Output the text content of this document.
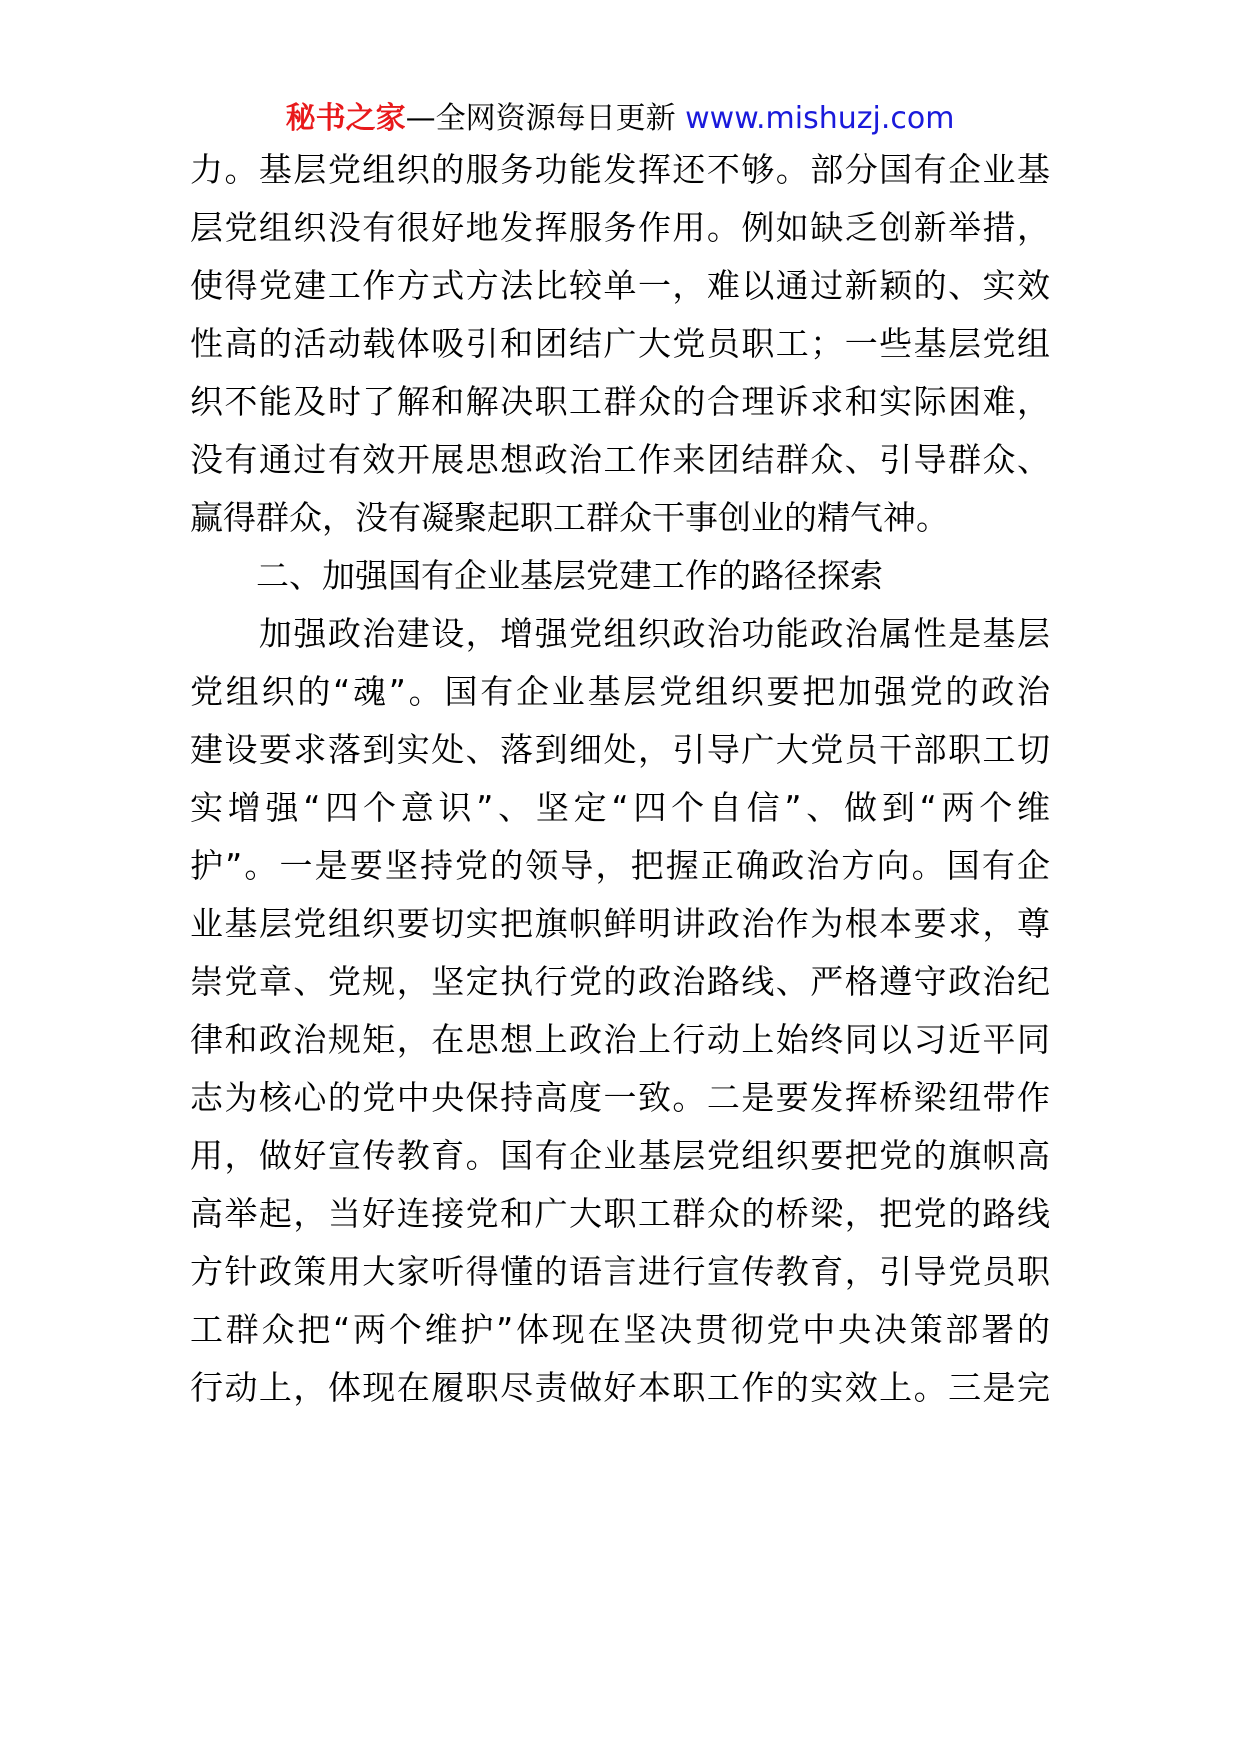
秘书之家—全网资源每日更新 www.mishuzj.com
力。基层党组织的服务功能发挥还不够。部分国有企业基
层党组织没有很好地发挥服务作用。例如缺乏创新举措，
使得党建工作方式方法比较单一，难以通过新颖的、实效
性高的活动载体吸引和团结广大党员职工；一些基层党组
织不能及时了解和解决职工群众的合理诉求和实际困难，
没有通过有效开展思想政治工作来团结群众、引导群众、
赢得群众，没有凝聚起职工群众干事创业的精气神。
　　二、加强国有企业基层党建工作的路径探索
　　加强政治建设，增强党组织政治功能政治属性是基层
党组织的“魂”。国有企业基层党组织要把加强党的政治
建设要求落到实处、落到细处，引导广大党员干部职工切
实增强“四个意识”、坚定“四个自信”、做到“两个维
护”。一是要坚持党的领导，把握正确政治方向。国有企
业基层党组织要切实把旗帜鲜明讲政治作为根本要求，尊
崇党章、党规，坚定执行党的政治路线、严格遵守政治纪
律和政治规矩，在思想上政治上行动上始终同以习近平同
志为核心的党中央保持高度一致。二是要发挥桥梁纽带作
用，做好宣传教育。国有企业基层党组织要把党的旗帜高
高举起，当好连接党和广大职工群众的桥梁，把党的路线
方针政策用大家听得懂的语言进行宣传教育，引导党员职
工群众把“两个维护”体现在坚决贯彻党中央决策部署的
行动上，体现在履职尽责做好本职工作的实效上。三是完
